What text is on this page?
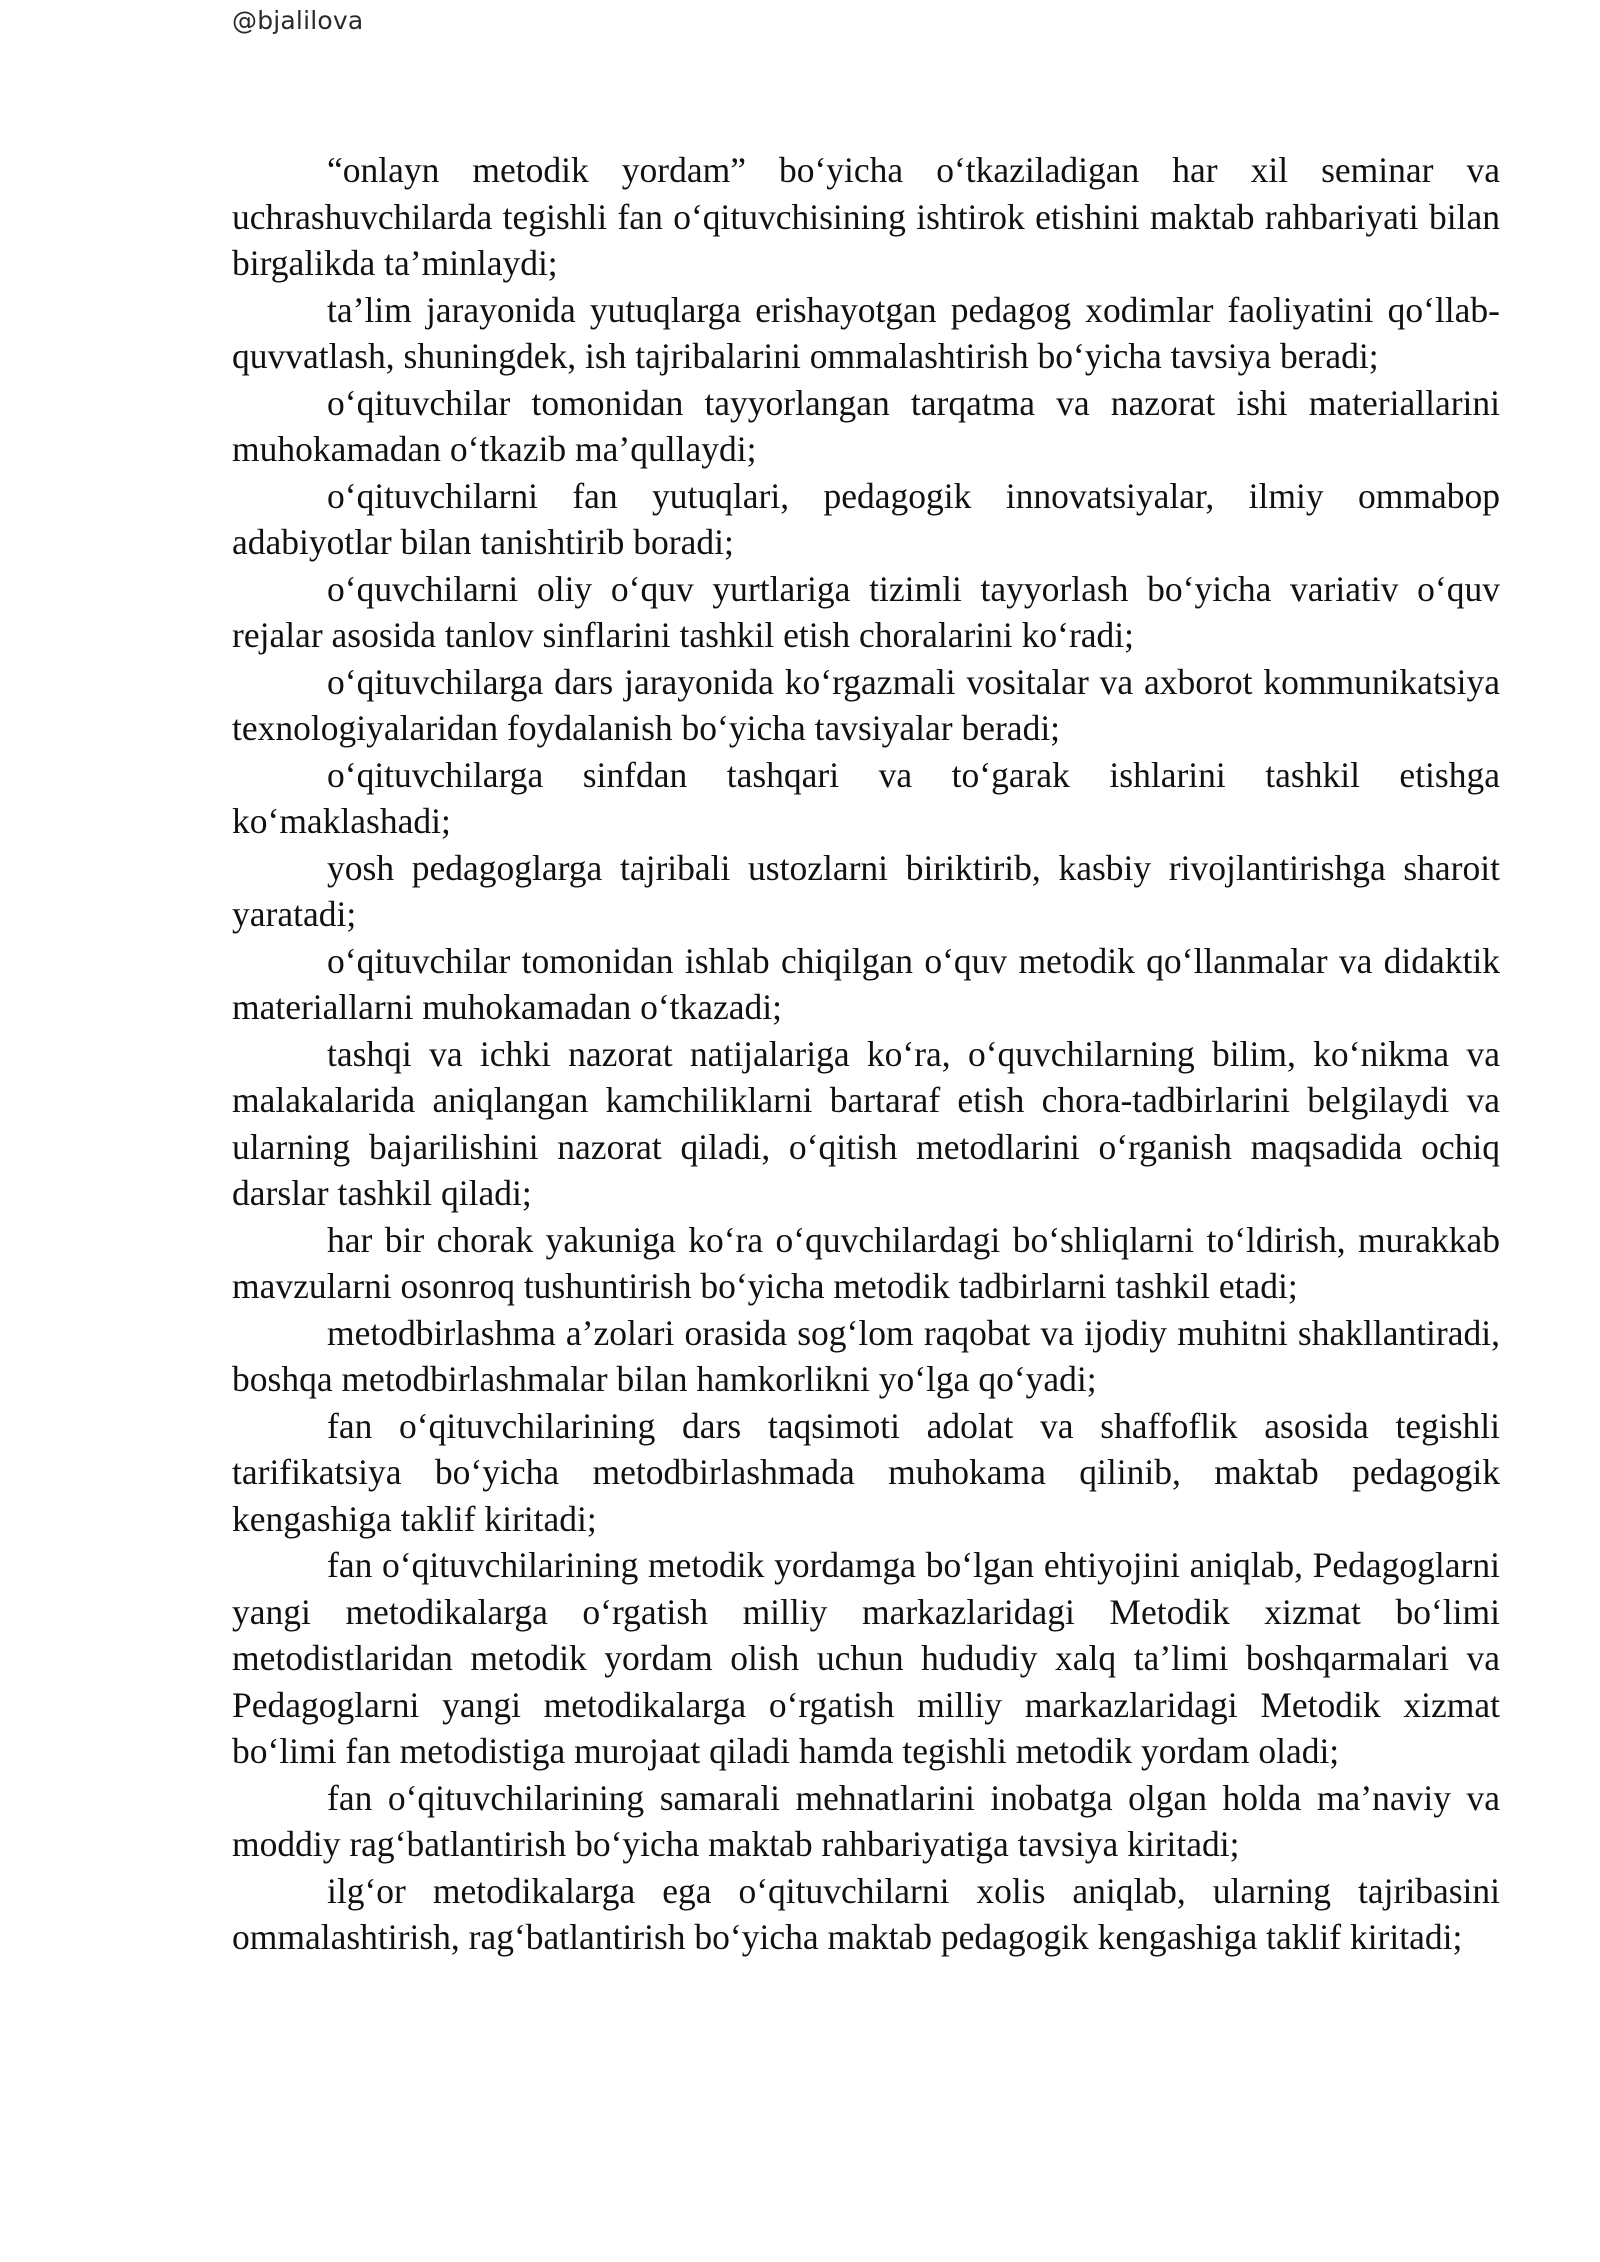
@bjalilova

“onlayn metodik yordam” bo‘yicha o‘tkaziladigan har xil seminar va uchrashuvchilarda tegishli fan o‘qituvchisining ishtirok etishini maktab rahbariyati bilan birgalikda ta’minlaydi;

ta’lim jarayonida yutuqlarga erishayotgan pedagog xodimlar faoliyatini qo‘llab-quvvatlash, shuningdek, ish tajribalarini ommalashtirish bo‘yicha tavsiya beradi;

o‘qituvchilar tomonidan tayyorlangan tarqatma va nazorat ishi materiallarini muhokamadan o‘tkazib ma’qullaydi;

o‘qituvchilarni fan yutuqlari, pedagogik innovatsiyalar, ilmiy ommabop adabiyotlar bilan tanishtirib boradi;

o‘quvchilarni oliy o‘quv yurtlariga tizimli tayyorlash bo‘yicha variativ o‘quv rejalar asosida tanlov sinflarini tashkil etish choralarini ko‘radi;

o‘qituvchilarga dars jarayonida ko‘rgazmali vositalar va axborot kommunikatsiya texnologiyalaridan foydalanish bo‘yicha tavsiyalar beradi;

o‘qituvchilarga sinfdan tashqari va to‘garak ishlarini tashkil etishga ko‘maklashadi;

yosh pedagoglarga tajribali ustozlarni biriktirib, kasbiy rivojlantirishga sharoit yaratadi;

o‘qituvchilar tomonidan ishlab chiqilgan o‘quv metodik qo‘llanmalar va didaktik materiallarni muhokamadan o‘tkazadi;

tashqi va ichki nazorat natijalariga ko‘ra, o‘quvchilarning bilim, ko‘nikma va malakalarida aniqlangan kamchiliklarni bartaraf etish chora-tadbirlarini belgilaydi va ularning bajarilishini nazorat qiladi, o‘qitish metodlarini o‘rganish maqsadida ochiq darslar tashkil qiladi;

har bir chorak yakuniga ko‘ra o‘quvchilardagi bo‘shliqlarni to‘ldirish, murakkab mavzularni osonroq tushuntirish bo‘yicha metodik tadbirlarni tashkil etadi;

metodbirlashma a’zolari orasida sog‘lom raqobat va ijodiy muhitni shakllantiradi, boshqa metodbirlashmalar bilan hamkorlikni yo‘lga qo‘yadi;

fan o‘qituvchilarining dars taqsimoti adolat va shaffoflik asosida tegishli tarifikatsiya bo‘yicha metodbirlashmada muhokama qilinib, maktab pedagogik kengashiga taklif kiritadi;

fan o‘qituvchilarining metodik yordamga bo‘lgan ehtiyojini aniqlab, Pedagoglarni yangi metodikalarga o‘rgatish milliy markazlaridagi Metodik xizmat bo‘limi metodistlaridan metodik yordam olish uchun hududiy xalq ta’limi boshqarmalari va Pedagoglarni yangi metodikalarga o‘rgatish milliy markazlaridagi Metodik xizmat bo‘limi fan metodistiga murojaat qiladi hamda tegishli metodik yordam oladi;

fan o‘qituvchilarining samarali mehnatlarini inobatga olgan holda ma’naviy va moddiy rag‘batlantirish bo‘yicha maktab rahbariyatiga tavsiya kiritadi;

ilg‘or metodikalarga ega o‘qituvchilarni xolis aniqlab, ularning tajribasini ommalashtirish, rag‘batlantirish bo‘yicha maktab pedagogik kengashiga taklif kiritadi;
